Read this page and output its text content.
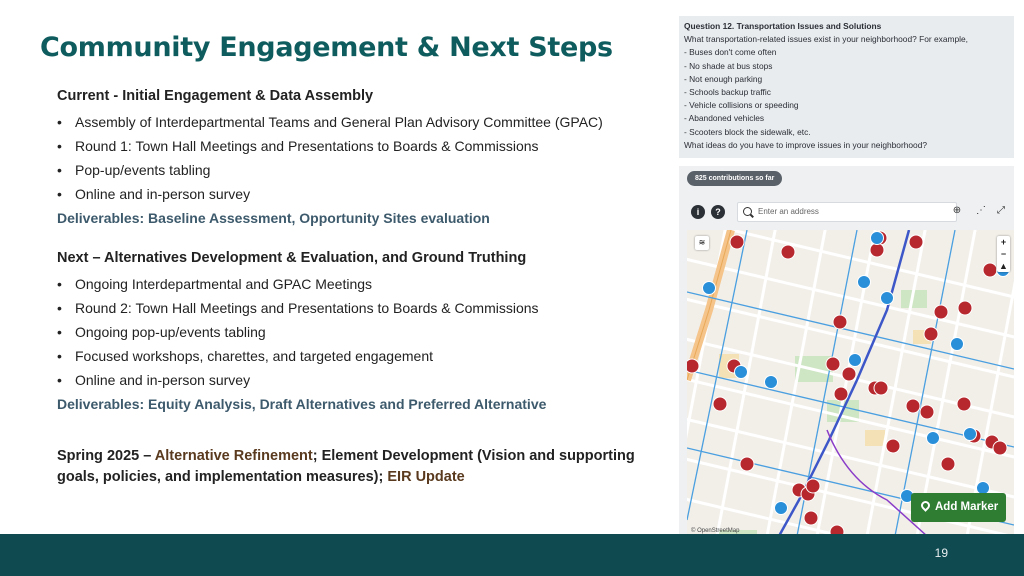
Community Engagement & Next Steps
Current - Initial Engagement & Data Assembly
• Assembly of Interdepartmental Teams and General Plan Advisory Committee (GPAC)
• Round 1: Town Hall Meetings and Presentations to Boards & Commissions
• Pop-up/events tabling
• Online and in-person survey
Deliverables: Baseline Assessment, Opportunity Sites evaluation
Next – Alternatives Development & Evaluation, and Ground Truthing
• Ongoing Interdepartmental and GPAC Meetings
• Round 2: Town Hall Meetings and Presentations to Boards & Commissions
• Ongoing pop-up/events tabling
• Focused workshops, charettes, and targeted engagement
• Online and in-person survey
Deliverables: Equity Analysis, Draft Alternatives and Preferred Alternative
Spring 2025 – Alternative Refinement; Element Development (Vision and supporting goals, policies, and implementation measures); EIR Update
Question 12. Transportation Issues and Solutions
What transportation-related issues exist in your neighborhood? For example,
- Buses don't come often
- No shade at bus stops
- Not enough parking
- Schools backup traffic
- Vehicle collisions or speeding
- Abandoned vehicles
- Scooters block the sidewalk, etc.
What ideas do you have to improve issues in your neighborhood?
825 contributions so far
i	?	Enter an address	⊕ ⋰	⤢
≋	+
−
▲
© OpenStreetMap
Add Marker
19
